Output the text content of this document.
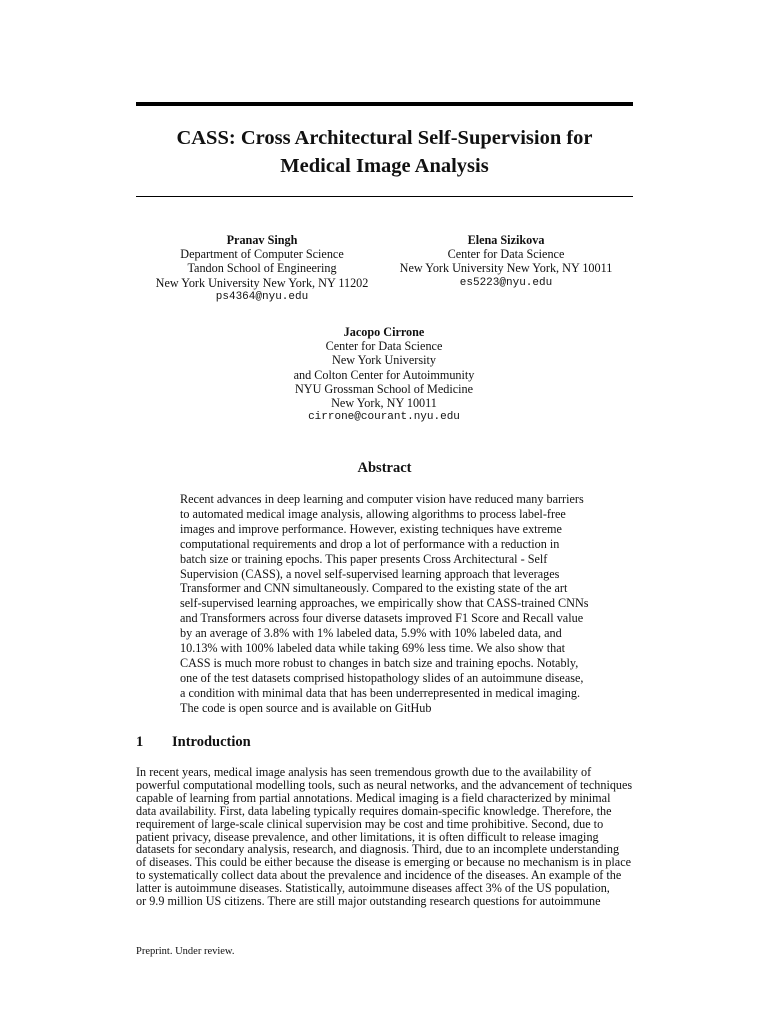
CASS: Cross Architectural Self-Supervision for
Medical Image Analysis
Pranav Singh
Department of Computer Science
Tandon School of Engineering
New York University New York, NY 11202
ps4364@nyu.edu
Elena Sizikova
Center for Data Science
New York University New York, NY 10011
es5223@nyu.edu
Jacopo Cirrone
Center for Data Science
New York University
and Colton Center for Autoimmunity
NYU Grossman School of Medicine
New York, NY 10011
cirrone@courant.nyu.edu
Abstract
Recent advances in deep learning and computer vision have reduced many barriers
to automated medical image analysis, allowing algorithms to process label-free
images and improve performance. However, existing techniques have extreme
computational requirements and drop a lot of performance with a reduction in
batch size or training epochs. This paper presents Cross Architectural - Self
Supervision (CASS), a novel self-supervised learning approach that leverages
Transformer and CNN simultaneously. Compared to the existing state of the art
self-supervised learning approaches, we empirically show that CASS-trained CNNs
and Transformers across four diverse datasets improved F1 Score and Recall value
by an average of 3.8% with 1% labeled data, 5.9% with 10% labeled data, and
10.13% with 100% labeled data while taking 69% less time. We also show that
CASS is much more robust to changes in batch size and training epochs. Notably,
one of the test datasets comprised histopathology slides of an autoimmune disease,
a condition with minimal data that has been underrepresented in medical imaging.
The code is open source and is available on GitHub
1 Introduction
In recent years, medical image analysis has seen tremendous growth due to the availability of
powerful computational modelling tools, such as neural networks, and the advancement of techniques
capable of learning from partial annotations. Medical imaging is a field characterized by minimal
data availability. First, data labeling typically requires domain-specific knowledge. Therefore, the
requirement of large-scale clinical supervision may be cost and time prohibitive. Second, due to
patient privacy, disease prevalence, and other limitations, it is often difficult to release imaging
datasets for secondary analysis, research, and diagnosis. Third, due to an incomplete understanding
of diseases. This could be either because the disease is emerging or because no mechanism is in place
to systematically collect data about the prevalence and incidence of the diseases. An example of the
latter is autoimmune diseases. Statistically, autoimmune diseases affect 3% of the US population,
or 9.9 million US citizens. There are still major outstanding research questions for autoimmune
Preprint. Under review.
